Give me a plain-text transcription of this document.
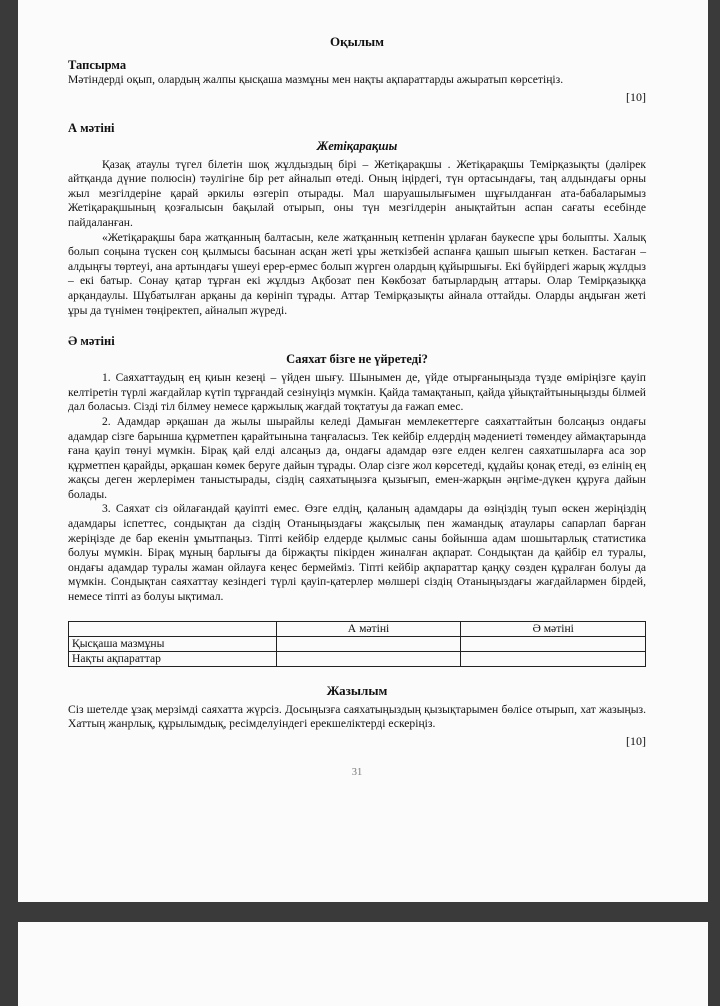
Оқылым
Тапсырма

Мәтіндерді оқып, олардың жалпы қысқаша мазмұны мен нақты ақпараттарды ажыратып көрсетіңіз.

[10]
А мәтіні
Жетіқарақшы

Қазақ атаулы түгел білетін шоқ жұлдыздың бірі – Жетіқарақшы . Жетіқарақшы Темірқазықты (дәлірек айтқанда дүние полюсін) тәулігіне бір рет айналып өтеді. Оның іңірдегі, түн ортасындағы, таң алдындағы орны жыл мезгілдеріне қарай әркилы өзгеріп отырады. Мал шаруашылығымен шұғылданған ата-бабаларымыз Жетіқарақшының қозғалысын бақылай отырып, оны түн мезгілдерін анықтайтын аспан сағаты есебінде пайдаланған.

«Жетіқарақшы бара жатқанның балтасын, келе жатқанның кетпенін ұрлаған баукеспе ұры болыпты. Халық болып соңына түскен соң қылмысы басынан асқан жеті ұры жеткізбей аспанға қашып шығып кеткен. Бастаған – алдыңғы төртеуі, ана артындағы үшеуі ерер-ермес болып жүрген олардың құйыршығы. Екі бүйірдегі жарық жұлдыз – екі батыр. Сонау қатар тұрған екі жұлдыз Ақбозат пен Көкбозат батырлардың аттары. Олар Темірқазыққа арқандаулы. Шұбатылған арқаны да көрініп тұрады. Аттар Темірқазықты айнала оттайды. Оларды аңдыған жеті ұры да түнімен төңіректеп, айналып жүреді.

Ә мәтіні
Саяхат бізге не үйретеді?

1. Саяхаттаудың ең қиын кезеңі – үйден шығу. Шынымен де, үйде отырғаныңызда түзде өміріңізге қауіп келтіретін түрлі жағдайлар күтіп тұрғандай сезінуіңіз мүмкін. Қайда тамақтанып, қайда ұйықтайтыныңызды білмей дал боласыз. Сіздi тіл білмеу немесе қаржылық жағдай тоқтатуы да ғажап емес.

2. Адамдар әрқашан да жылы шырайлы келеді Дамыған мемлекеттерге саяхаттайтын болсаңыз ондағы адамдар сізге барынша құрметпен қарайтынына таңғаласыз. Тек кейбір елдердің мәдениеті төмендеу аймақтарында ғана қауіп төнуі мүмкін. Бірақ қай елді алсаңыз да, ондағы адамдар өзге елден келген саяхатшыларға аса зор құрметпен қарайды, әрқашан көмек беруге дайын тұрады. Олар сізге жол көрсетеді, құдайы қонақ етеді, өз елінің ең жақсы деген жерлерімен таныстырады, сіздің саяхатыңызға қызығып, емен-жарқын әңгіме-дүкен құруға дайын болады.

3. Саяхат сіз ойлағандай қауіпті емес. Өзге елдің, қаланың адамдары да өзіңіздің туып өскен жеріңіздің адамдары іспеттес, сондықтан да сіздің Отаныңыздағы жақсылық пен жамандық атаулары сапарлап барған жеріңізде де бар екенін ұмытпаңыз. Тіпті кейбір елдерде қылмыс саны бойынша адам шошытарлық статистика болуы мүмкін. Бірақ мұның барлығы да біржақты пікірден жиналған ақпарат. Сондықтан да қайбір ел туралы, ондағы адамдар туралы жаман ойлауға кеңес бермеймiз. Тіпті кейбір ақпараттар қаңқу сөзден құралған болуы да мүмкін. Сондықтан саяхаттау кезіндегі түрлі қауіп-қатерлер мөлшері сіздің Отаныңыздағы жағдайлармен бірдей, немесе тіпті аз болуы ықтимал.

	А мәтіні	Ә мәтіні
Қысқаша мазмұны		
Нақты ақпараттар		
Жазылым

Сіз шетелде ұзақ мерзімді саяхатта жүрсіз. Досыңызға саяхатыңыздың қызықтарымен бөлісе отырып, хат жазыңыз. Хаттың жанрлық, құрылымдық, ресімделуіндегі ерекшеліктерді ескеріңіз.

[10]
31
